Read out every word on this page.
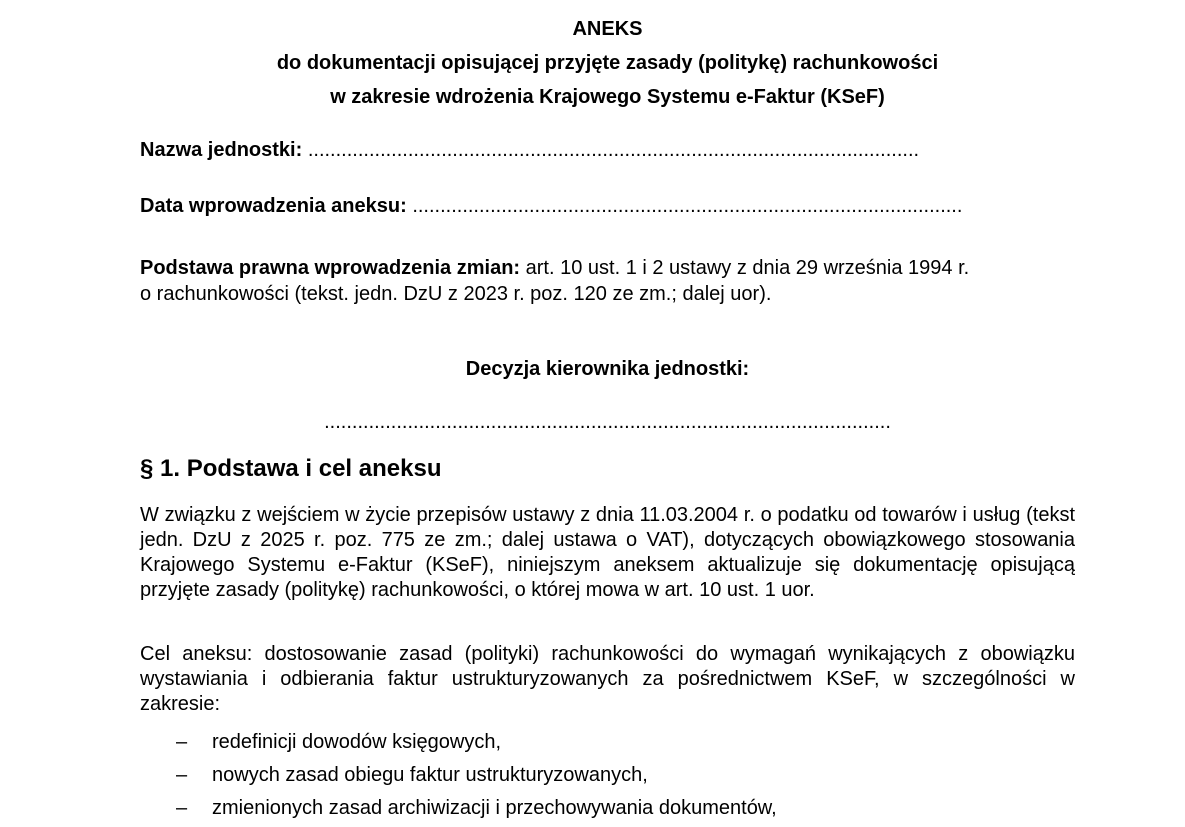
ANEKS
do dokumentacji opisującej przyjęte zasady (politykę) rachunkowości
w zakresie wdrożenia Krajowego Systemu e-Faktur (KSeF)
Nazwa jednostki: ..............................................................................................................
Data wprowadzenia aneksu: ...................................................................................................
Podstawa prawna wprowadzenia zmian: art. 10 ust. 1 i 2 ustawy z dnia 29 września 1994 r.
o rachunkowości (tekst. jedn. DzU z 2023 r. poz. 120 ze zm.; dalej uor).
Decyzja kierownika jednostki:
......................................................................................................
§ 1. Podstawa i cel aneksu
W związku z wejściem w życie przepisów ustawy z dnia 11.03.2004 r. o podatku od towarów i usług (tekst jedn. DzU z 2025 r. poz. 775 ze zm.; dalej ustawa o VAT), dotyczących obowiązkowego stosowania Krajowego Systemu e-Faktur (KSeF), niniejszym aneksem aktualizuje się dokumentację opisującą przyjęte zasady (politykę) rachunkowości, o której mowa w art. 10 ust. 1 uor.
Cel aneksu: dostosowanie zasad (polityki) rachunkowości do wymagań wynikających z obowiązku wystawiania i odbierania faktur ustrukturyzowanych za pośrednictwem KSeF, w szczególności w zakresie:
– redefinicji dowodów księgowych,
– nowych zasad obiegu faktur ustrukturyzowanych,
– zmienionych zasad archiwizacji i przechowywania dokumentów,
